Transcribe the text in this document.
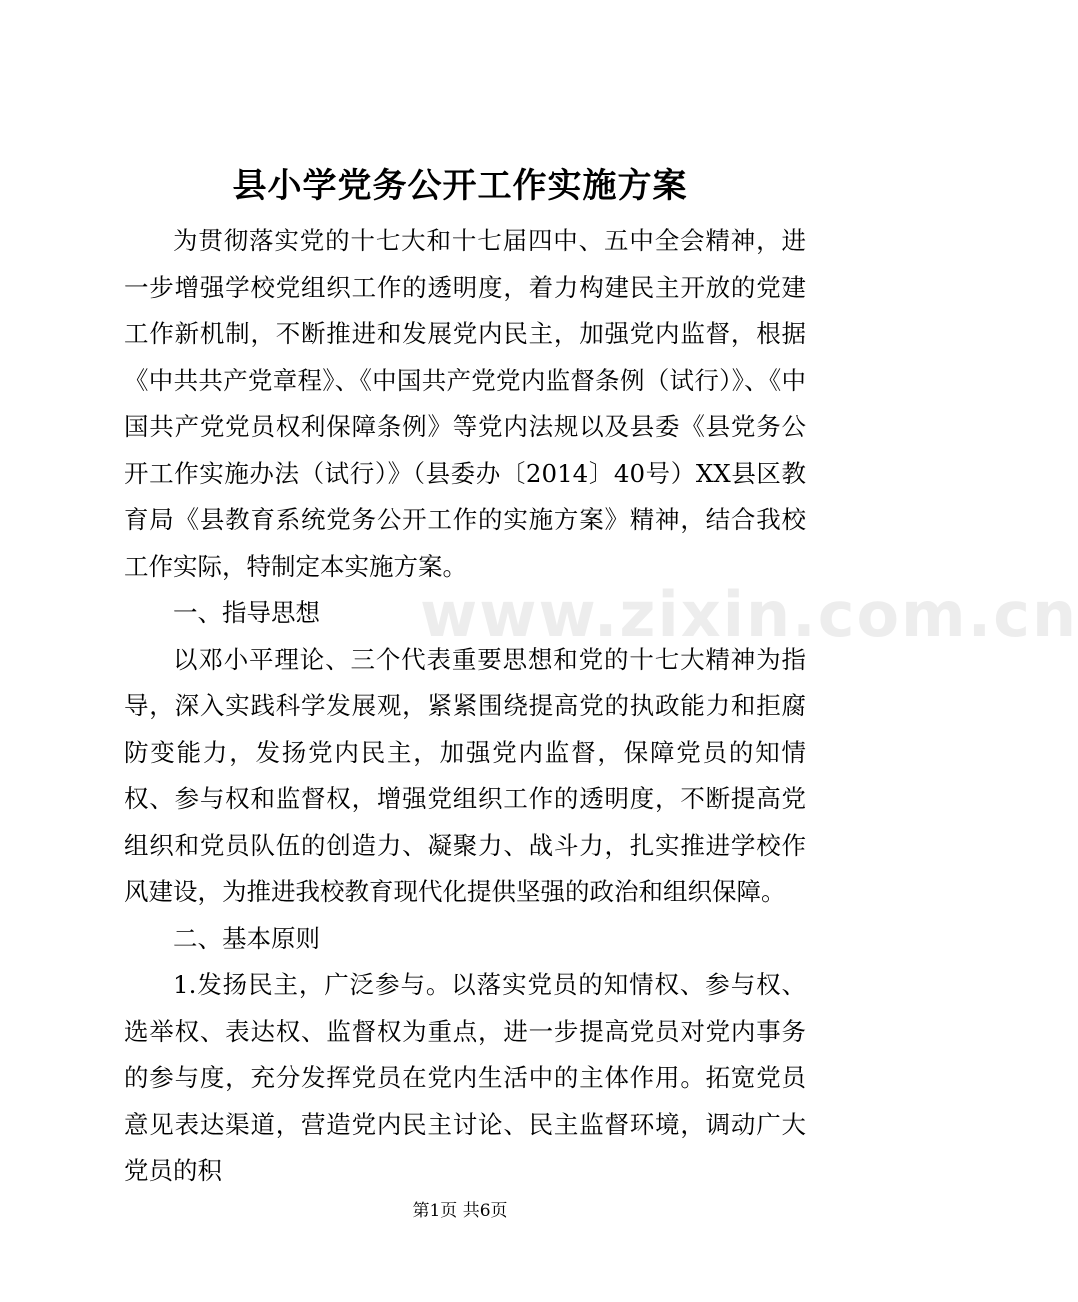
县小学党务公开工作实施方案

为贯彻落实党的十七大和十七届四中、五中全会精神，进一步增强学校党组织工作的透明度，着力构建民主开放的党建工作新机制，不断推进和发展党内民主，加强党内监督，根据《中共共产党章程》、《中国共产党党内监督条例（试行）》、《中国共产党党员权利保障条例》等党内法规以及县委《县党务公开工作实施办法（试行）》（县委办〔2014〕40号）XX县区教育局《县教育系统党务公开工作的实施方案》精神，结合我校工作实际，特制定本实施方案。

一、指导思想

以邓小平理论、三个代表重要思想和党的十七大精神为指导，深入实践科学发展观，紧紧围绕提高党的执政能力和拒腐防变能力，发扬党内民主，加强党内监督，保障党员的知情权、参与权和监督权，增强党组织工作的透明度，不断提高党组织和党员队伍的创造力、凝聚力、战斗力，扎实推进学校作风建设，为推进我校教育现代化提供坚强的政治和组织保障。

二、基本原则

1.发扬民主，广泛参与。以落实党员的知情权、参与权、选举权、表达权、监督权为重点，进一步提高党员对党内事务的参与度，充分发挥党员在党内生活中的主体作用。拓宽党员意见表达渠道，营造党内民主讨论、民主监督环境，调动广大党员的积

www.zixin.com.cn
第1页 共6页
